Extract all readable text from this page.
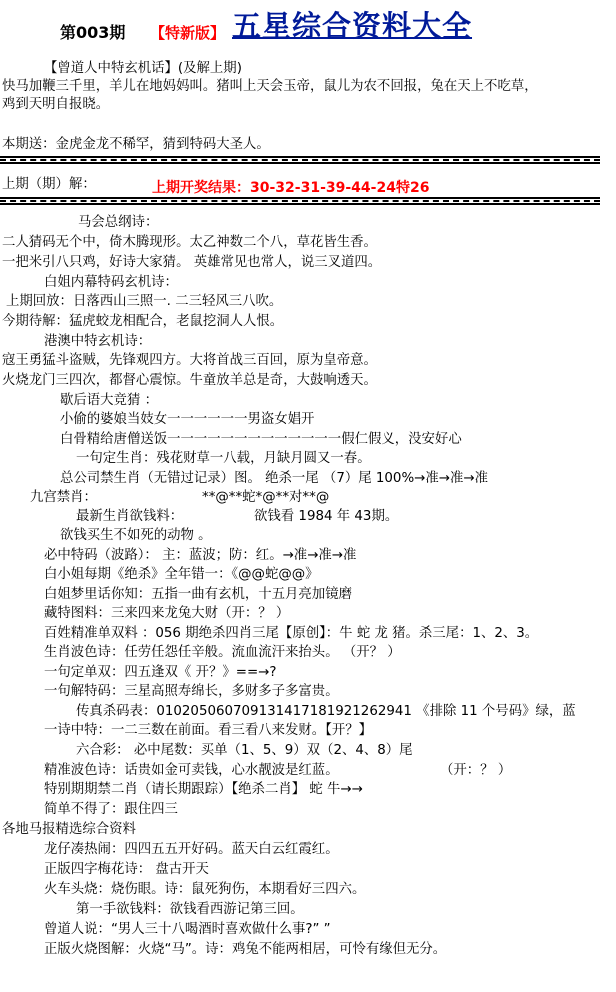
第003期 【特新版】 五星综合资料大全
【曾道人中特玄机话】(及解上期)
快马加鞭三千里，羊儿在地妈妈叫。猪叫上天会玉帝，鼠儿为农不回报，兔在天上不吃草，
鸡到天明自报晓。
本期送：金虎金龙不稀罕，猜到特码大圣人。
上期（期）解：	上期开奖结果：30-32-31-39-44-24特26
马会总纲诗：
二人猜码无个中，倚木腾现形。太乙神数二个八，草花皆生香。
一把米引八只鸡，好诗大家猜。 英雄常见也常人，说三叉道四。
白姐内幕特码玄机诗：
上期回放：日落西山三照一. 二三轻风三八吹。
今期待解：猛虎蛟龙相配合，老鼠挖洞人人恨。
港澳中特玄机诗：
寇王勇猛斗盗贼，先锋观四方。大将首战三百回，原为皇帝意。
火烧龙门三四次，都督心震惊。牛童放羊总是奇，大鼓响透天。
歇后语大竞猜 ：
小偷的婆娘当妓女一一一一一一男盗女娼开
白骨精给唐僧送饭一一一一一一一一一一一一一假仁假义，没安好心
一句定生肖：残花财草一八载，月缺月圆又一春。
总公司禁生肖（无错过记录）图。 绝杀一尾 （7）尾 100%→准→准→准
九宫禁肖：	**@**蛇*@**对**@
最新生肖欲钱料：	欲钱看 1984 年 43期。
欲钱买生不如死的动物 。
必中特码（波路）： 主：蓝波；防：红。→准→准→准
白小姐每期《绝杀》全年错一：《@@蛇@@》
白姐梦里话你知：五指一曲有玄机，十五月亮加镜磨
藏特图料：三来四来龙兔大财（开：？ ）
百姓精准单双料 ：056 期绝杀四肖三尾【原创】：牛 蛇 龙 猪。杀三尾：1、2、3。
生肖波色诗：任劳任怨任辛般。流血流汗来抬头。 （开？ ）
一句定单双：四五逢双《 开？》==→?
一句解特码：三星高照寿绵长，多财多子多富贵。
传真杀码表：0102050607091314171819212629​41 《排除 11 个号码》绿，蓝
一诗中特：一二三数在前面。看三看八来发财。【开？】
六合彩： 必中尾数：买单（1、5、9）双（2、4、8）尾
精准波色诗：话贵如金可卖钱，心水靓波是红蓝。	（开：？ ）
特别期期禁二肖（请长期跟踪）【绝杀二肖】 蛇 牛→→
简单不得了：跟住四三
各地马报精选综合资料
龙仔凑热闹：四四五五开好码。蓝天白云红霞红。
正版四字梅花诗： 盘古开天
火车头烧：烧伤眼。诗：鼠死狗伤，本期看好三四六。
第一手欲钱料：欲钱看西游记第三回。
曾道人说：“男人三十八喝酒时喜欢做什么事?” ”
正版火烧图解：火烧“马”。诗：鸡兔不能两相居，可怜有缘但无分。
